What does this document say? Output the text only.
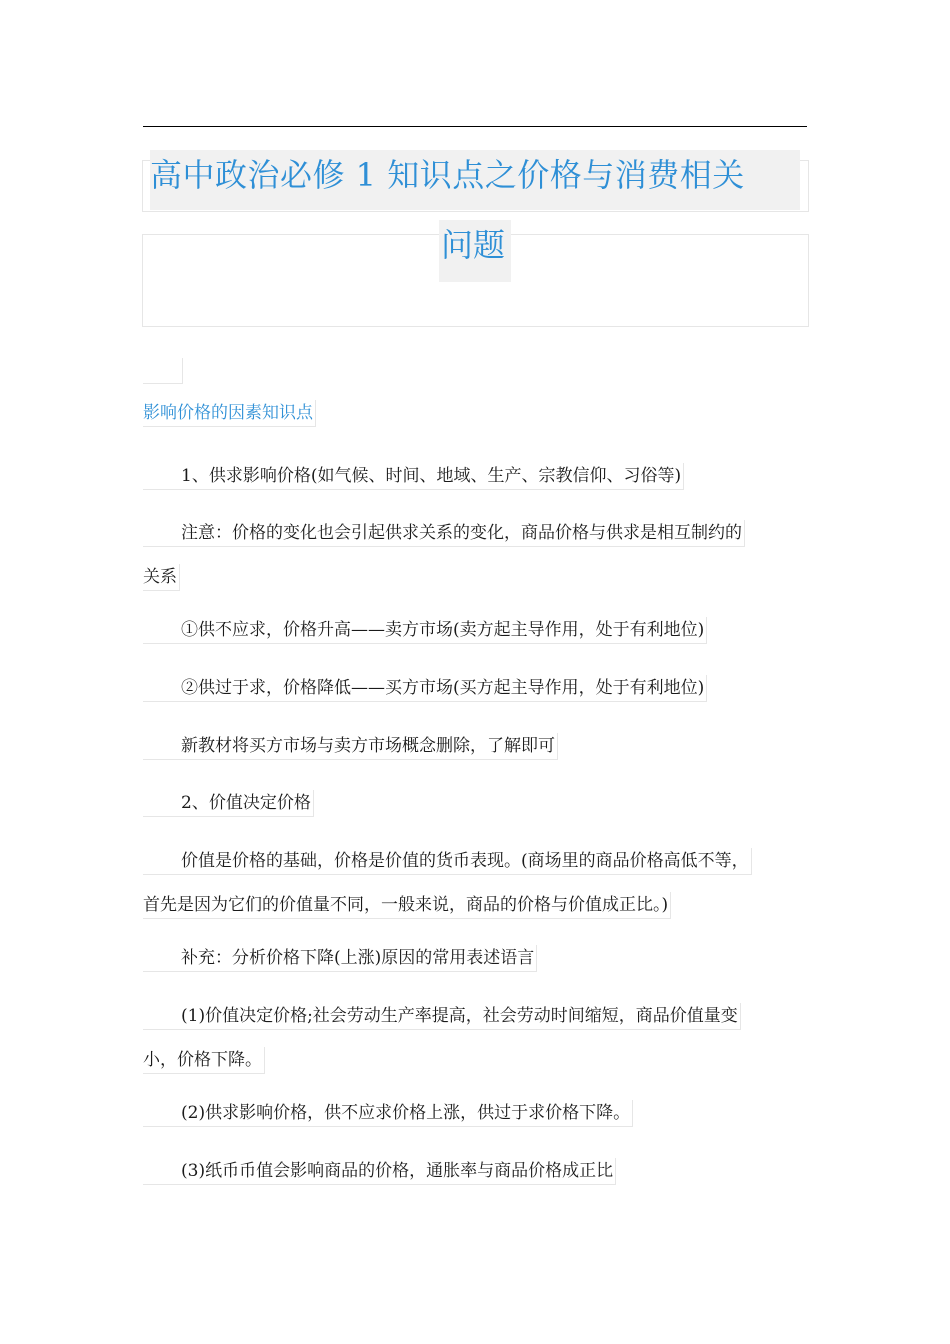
高中政治必修 1 知识点之价格与消费相关
问题
影响价格的因素知识点
1、供求影响价格(如气候、时间、地域、生产、宗教信仰、习俗等)
注意：价格的变化也会引起供求关系的变化，商品价格与供求是相互制约的
关系
①供不应求，价格升高——卖方市场(卖方起主导作用，处于有利地位)
②供过于求，价格降低——买方市场(买方起主导作用，处于有利地位)
新教材将买方市场与卖方市场概念删除，了解即可
2、价值决定价格
价值是价格的基础，价格是价值的货币表现。(商场里的商品价格高低不等，
首先是因为它们的价值量不同，一般来说，商品的价格与价值成正比。)
补充：分析价格下降(上涨)原因的常用表述语言
(1)价值决定价格;社会劳动生产率提高，社会劳动时间缩短，商品价值量变
小，价格下降。
(2)供求影响价格，供不应求价格上涨，供过于求价格下降。
(3)纸币币值会影响商品的价格，通胀率与商品价格成正比
